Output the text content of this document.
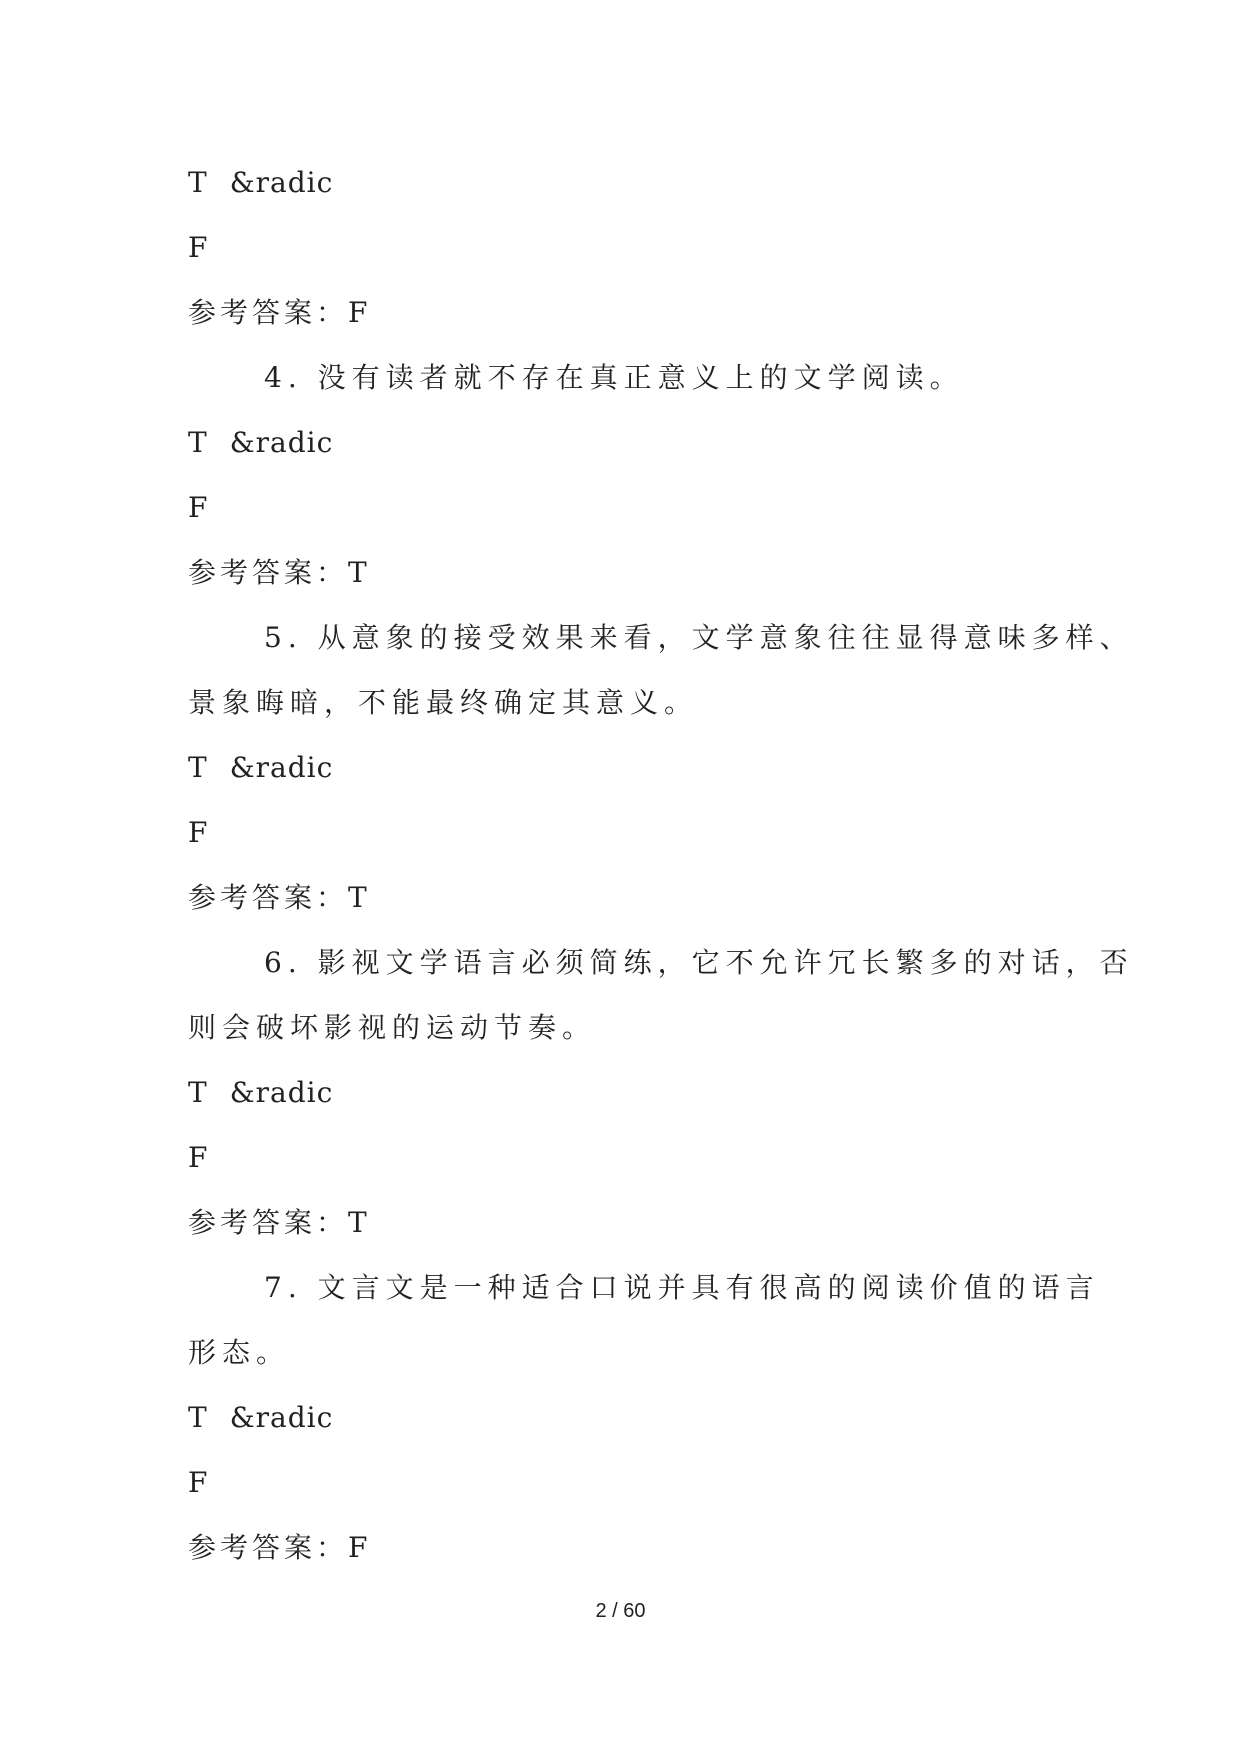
T &radic
F
参考答案：F
4. 没有读者就不存在真正意义上的文学阅读。
T &radic
F
参考答案：T
5. 从意象的接受效果来看，文学意象往往显得意味多样、
景象晦暗，不能最终确定其意义。
T &radic
F
参考答案：T
6. 影视文学语言必须简练，它不允许冗长繁多的对话，否
则会破坏影视的运动节奏。
T &radic
F
参考答案：T
7. 文言文是一种适合口说并具有很高的阅读价值的语言
形态。
T &radic
F
参考答案：F
2 / 60
